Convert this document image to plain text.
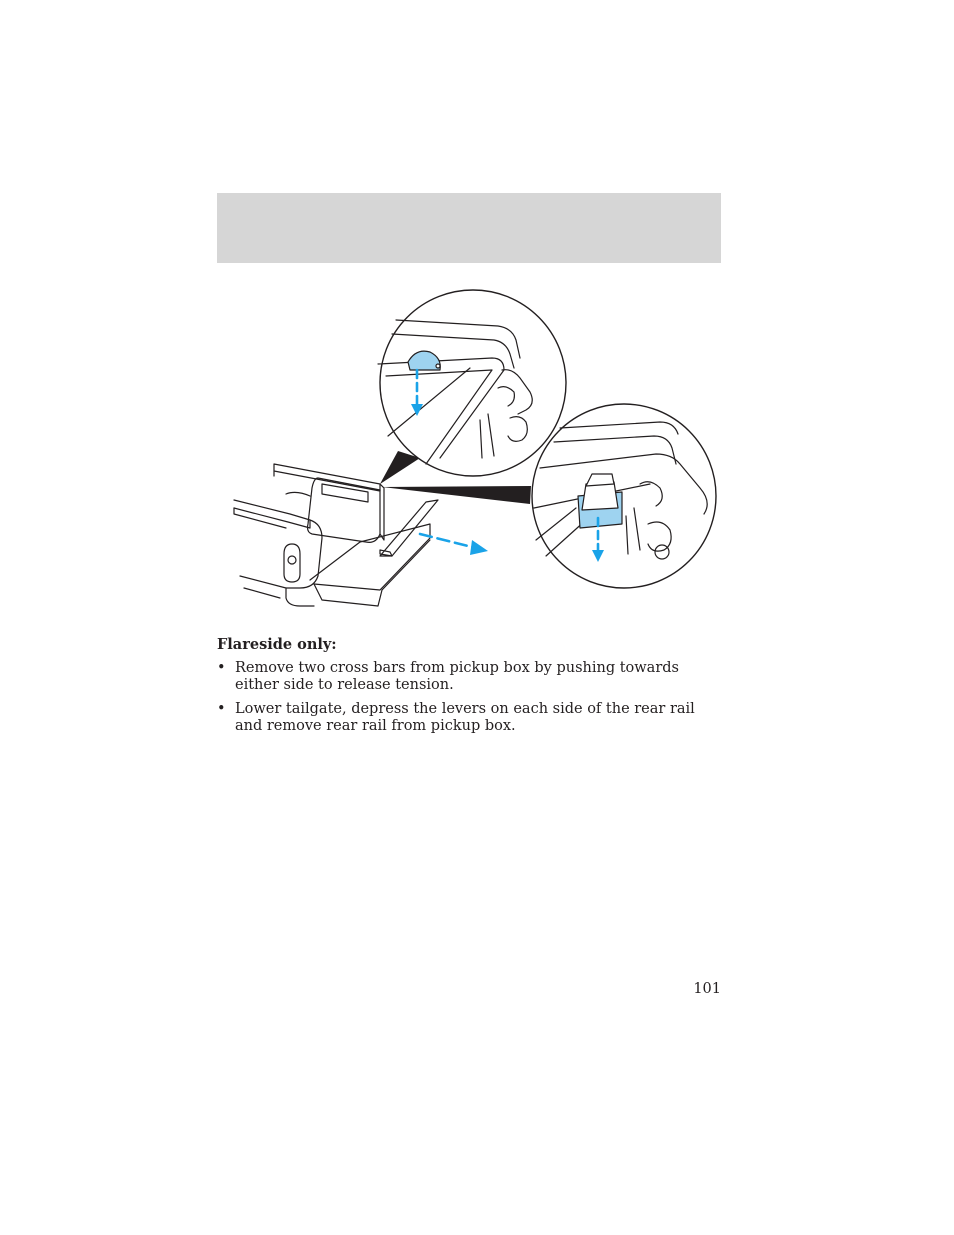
Flareside only:

• Remove two cross bars from pickup box by pushing towards either side to release tension.
• Lower tailgate, depress the levers on each side of the rear rail and remove rear rail from pickup box.
101
